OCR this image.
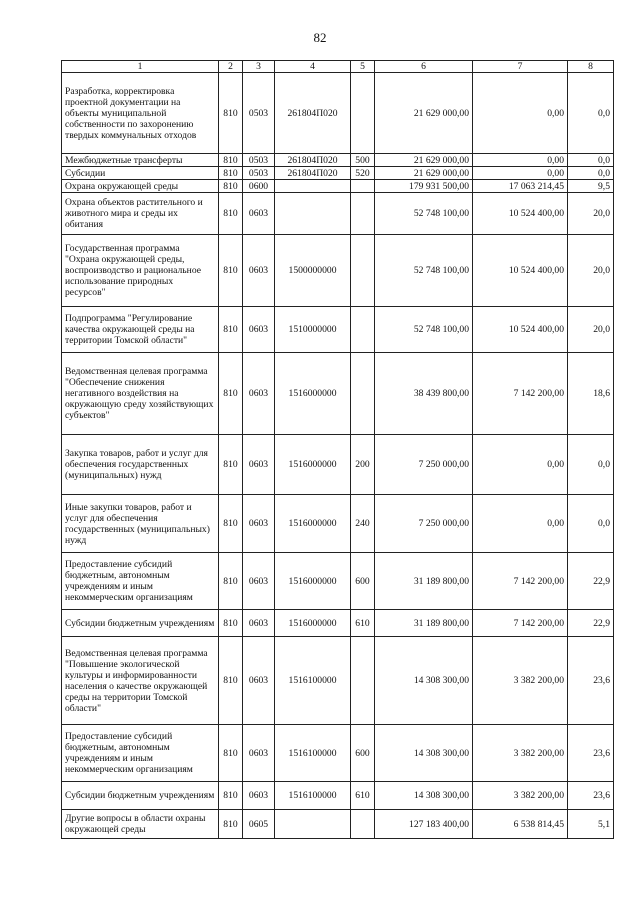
82
1	2	3	4	5	6	7	8
Разработка, корректировка проектной документации на объекты муниципальной собственности по захоронению твердых коммунальных отходов	810	0503	261804П020		21 629 000,00	0,00	0,0
Межбюджетные трансферты	810	0503	261804П020	500	21 629 000,00	0,00	0,0
Субсидии	810	0503	261804П020	520	21 629 000,00	0,00	0,0
Охрана окружающей среды	810	0600			179 931 500,00	17 063 214,45	9,5
Охрана объектов растительного и животного мира и среды их обитания	810	0603			52 748 100,00	10 524 400,00	20,0
Государственная программа "Охрана окружающей среды, воспроизводство и рациональное использование природных ресурсов"	810	0603	1500000000		52 748 100,00	10 524 400,00	20,0
Подпрограмма "Регулирование качества окружающей среды на территории Томской области"	810	0603	1510000000		52 748 100,00	10 524 400,00	20,0
Ведомственная целевая программа "Обеспечение снижения негативного воздействия на окружающую среду хозяйствующих субъектов"	810	0603	1516000000		38 439 800,00	7 142 200,00	18,6
Закупка товаров, работ и услуг для обеспечения государственных (муниципальных) нужд	810	0603	1516000000	200	7 250 000,00	0,00	0,0
Иные закупки товаров, работ и услуг для обеспечения государственных (муниципальных) нужд	810	0603	1516000000	240	7 250 000,00	0,00	0,0
Предоставление субсидий бюджетным, автономным учреждениям и иным некоммерческим организациям	810	0603	1516000000	600	31 189 800,00	7 142 200,00	22,9
Субсидии бюджетным учреждениям	810	0603	1516000000	610	31 189 800,00	7 142 200,00	22,9
Ведомственная целевая программа "Повышение экологической культуры и информированности населения о качестве окружающей среды на территории Томской области"	810	0603	1516100000		14 308 300,00	3 382 200,00	23,6
Предоставление субсидий бюджетным, автономным учреждениям и иным некоммерческим организациям	810	0603	1516100000	600	14 308 300,00	3 382 200,00	23,6
Субсидии бюджетным учреждениям	810	0603	1516100000	610	14 308 300,00	3 382 200,00	23,6
Другие вопросы в области охраны окружающей среды	810	0605			127 183 400,00	6 538 814,45	5,1
